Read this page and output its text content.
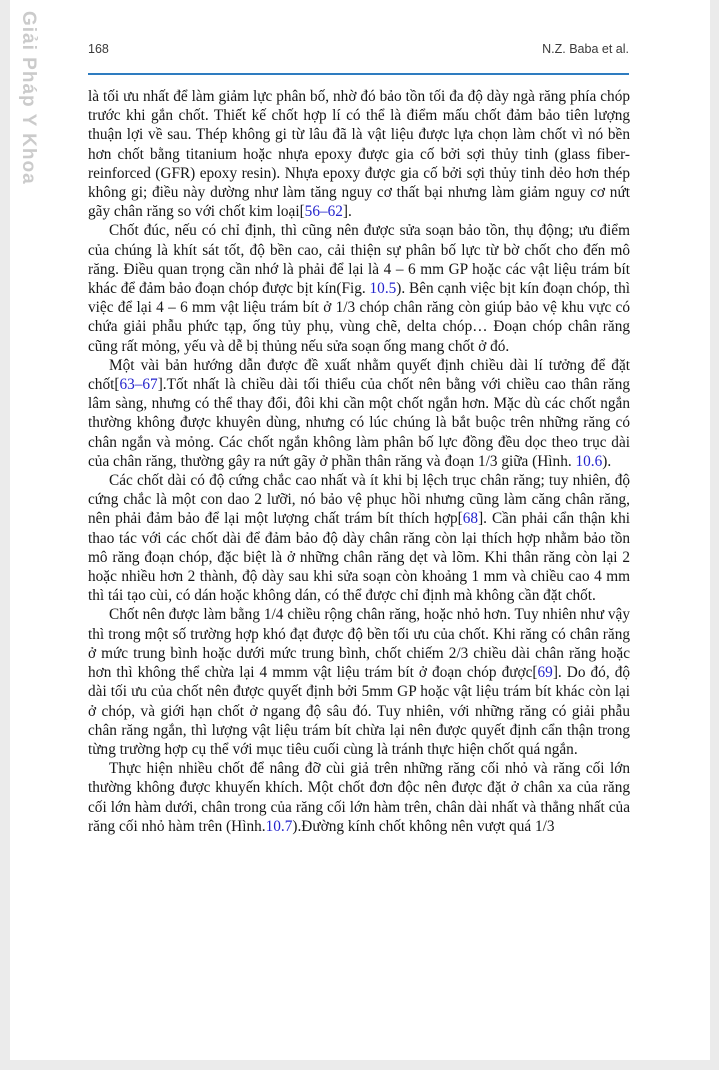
Giải Pháp Y Khoa	168	N.Z. Baba et al.

là tối ưu nhất để làm giảm lực phân bố, nhờ đó bảo tồn tối đa độ dày ngà răng phía chóp trước khi gắn chốt. Thiết kế chốt hợp lí có thể là điểm mấu chốt đảm bảo tiên lượng thuận lợi về sau. Thép không gi từ lâu đã là vật liệu được lựa chọn làm chốt vì nó bền hơn chốt bằng titanium hoặc nhựa epoxy được gia cố bởi sợi thủy tinh (glass fiber-reinforced (GFR) epoxy resin). Nhựa epoxy được gia cố bởi sợi thủy tinh dẻo hơn thép không gi; điều này dường như làm tăng nguy cơ thất bại nhưng làm giảm nguy cơ nứt gãy chân răng so với chốt kim loại[56–62].

Chốt đúc, nếu có chỉ định, thì cũng nên được sửa soạn bảo tồn, thụ động; ưu điểm của chúng là khít sát tốt, độ bền cao, cải thiện sự phân bố lực từ bờ chốt cho đến mô răng. Điều quan trọng cần nhớ là phải để lại là 4 – 6 mm GP hoặc các vật liệu trám bít khác để đảm bảo đoạn chóp được bịt kín(Fig. 10.5). Bên cạnh việc bịt kín đoạn chóp, thì việc để lại 4 – 6 mm vật liệu trám bít ở 1/3 chóp chân răng còn giúp bảo vệ khu vực có chứa giải phẫu phức tạp, ống tủy phụ, vùng chẽ, delta chóp… Đoạn chóp chân răng cũng rất mỏng, yếu và dễ bị thủng nếu sửa soạn ống mang chốt ở đó.

Một vài bản hướng dẫn được đề xuất nhằm quyết định chiều dài lí tưởng để đặt chốt[63–67].Tốt nhất là chiều dài tối thiểu của chốt nên bằng với chiều cao thân răng lâm sàng, nhưng có thể thay đổi, đôi khi cần một chốt ngắn hơn. Mặc dù các chốt ngắn thường không được khuyên dùng, nhưng có lúc chúng là bắt buộc trên những răng có chân ngắn và mỏng. Các chốt ngắn không làm phân bố lực đồng đều dọc theo trục dài của chân răng, thường gây ra nứt gãy ở phần thân răng và đoạn 1/3 giữa (Hình. 10.6).

Các chốt dài có độ cứng chắc cao nhất và ít khi bị lệch trục chân răng; tuy nhiên, độ cứng chắc là một con dao 2 lưỡi, nó bảo vệ phục hồi nhưng cũng làm căng chân răng, nên phải đảm bảo để lại một lượng chất trám bít thích hợp[68]. Cần phải cẩn thận khi thao tác với các chốt dài để đảm bảo độ dày chân răng còn lại thích hợp nhằm bảo tồn mô răng đoạn chóp, đặc biệt là ở những chân răng dẹt và lõm. Khi thân răng còn lại 2 hoặc nhiều hơn 2 thành, độ dày sau khi sửa soạn còn khoảng 1 mm và chiều cao 4 mm thì tái tạo cùi, có dán hoặc không dán, có thể được chỉ định mà không cần đặt chốt.

Chốt nên được làm bằng 1/4 chiều rộng chân răng, hoặc nhỏ hơn. Tuy nhiên như vậy thì trong một số trường hợp khó đạt được độ bền tối ưu của chốt. Khi răng có chân răng ở mức trung bình hoặc dưới mức trung bình, chốt chiếm 2/3 chiều dài chân răng hoặc hơn thì không thể chừa lại 4 mmm vật liệu trám bít ở đoạn chóp được[69]. Do đó, độ dài tối ưu của chốt nên được quyết định bởi 5mm GP hoặc vật liệu trám bít khác còn lại ở chóp, và giới hạn chốt ở ngang độ sâu đó. Tuy nhiên, với những răng có giải phẫu chân răng ngắn, thì lượng vật liệu trám bít chừa lại nên được quyết định cẩn thận trong từng trường hợp cụ thể với mục tiêu cuối cùng là tránh thực hiện chốt quá ngắn.

Thực hiện nhiều chốt để nâng đỡ cùi giả trên những răng cối nhỏ và răng cối lớn thường không được khuyến khích. Một chốt đơn độc nên được đặt ở chân xa của răng cối lớn hàm dưới, chân trong của răng cối lớn hàm trên, chân dài nhất và thẳng nhất của răng cối nhỏ hàm trên (Hình.10.7).Đường kính chốt không nên vượt quá 1/3
